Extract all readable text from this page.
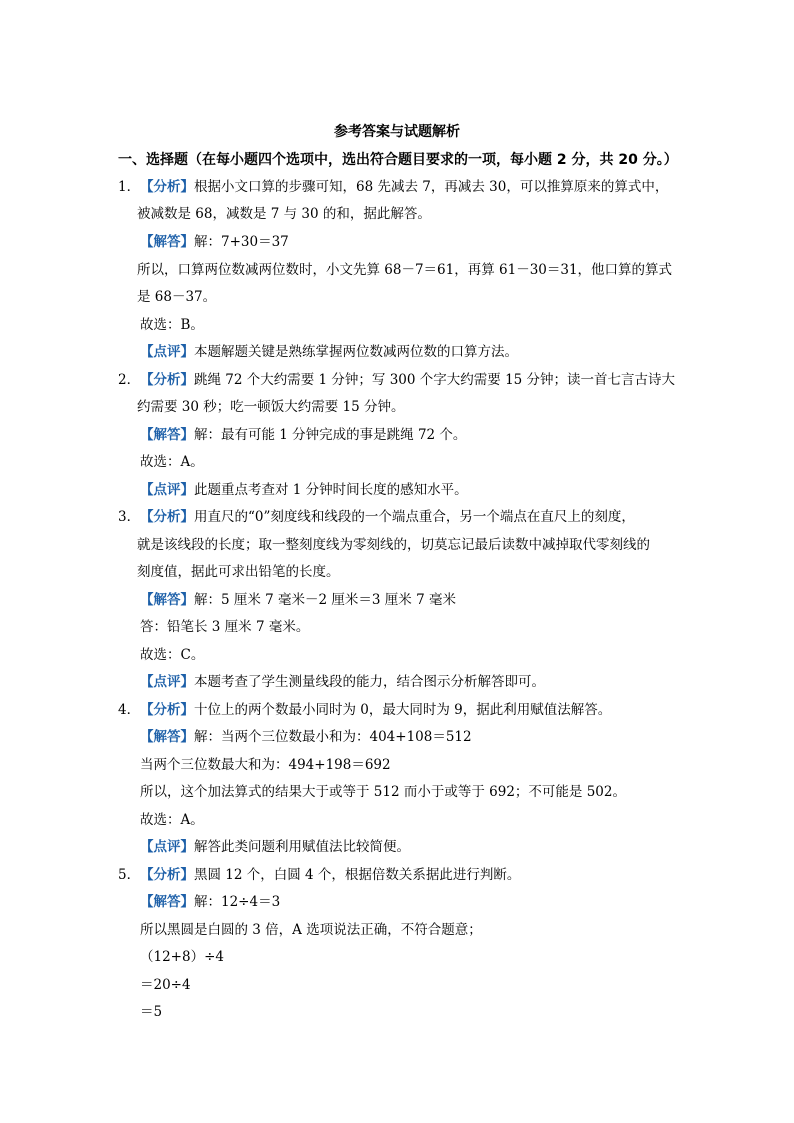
参考答案与试题解析
一、选择题（在每小题四个选项中，选出符合题目要求的一项，每小题 2 分，共 20 分。）
1． 【分析】根据小文口算的步骤可知，68 先减去 7，再减去 30，可以推算原来的算式中，
被减数是 68，减数是 7 与 30 的和，据此解答。
【解答】解：7+30＝37
所以，口算两位数减两位数时，小文先算 68－7＝61，再算 61－30＝31，他口算的算式
是 68－37。
故选：B。
【点评】本题解题关键是熟练掌握两位数减两位数的口算方法。
2． 【分析】跳绳 72 个大约需要 1 分钟；写 300 个字大约需要 15 分钟；读一首七言古诗大
约需要 30 秒；吃一顿饭大约需要 15 分钟。
【解答】解：最有可能 1 分钟完成的事是跳绳 72 个。
故选：A。
【点评】此题重点考查对 1 分钟时间长度的感知水平。
3． 【分析】用直尺的“0”刻度线和线段的一个端点重合，另一个端点在直尺上的刻度，
就是该线段的长度；取一整刻度线为零刻线的，切莫忘记最后读数中减掉取代零刻线的
刻度值，据此可求出铅笔的长度。
【解答】解：5 厘米 7 毫米－2 厘米＝3 厘米 7 毫米
答：铅笔长 3 厘米 7 毫米。
故选：C。
【点评】本题考查了学生测量线段的能力，结合图示分析解答即可。
4． 【分析】十位上的两个数最小同时为 0，最大同时为 9，据此利用赋值法解答。
【解答】解：当两个三位数最小和为：404+108＝512
当两个三位数最大和为：494+198＝692
所以，这个加法算式的结果大于或等于 512 而小于或等于 692；不可能是 502。
故选：A。
【点评】解答此类问题利用赋值法比较简便。
5． 【分析】黑圆 12 个，白圆 4 个，根据倍数关系据此进行判断。
【解答】解：12÷4＝3
所以黑圆是白圆的 3 倍，A 选项说法正确，不符合题意；
（12+8）÷4
＝20÷4
＝5
